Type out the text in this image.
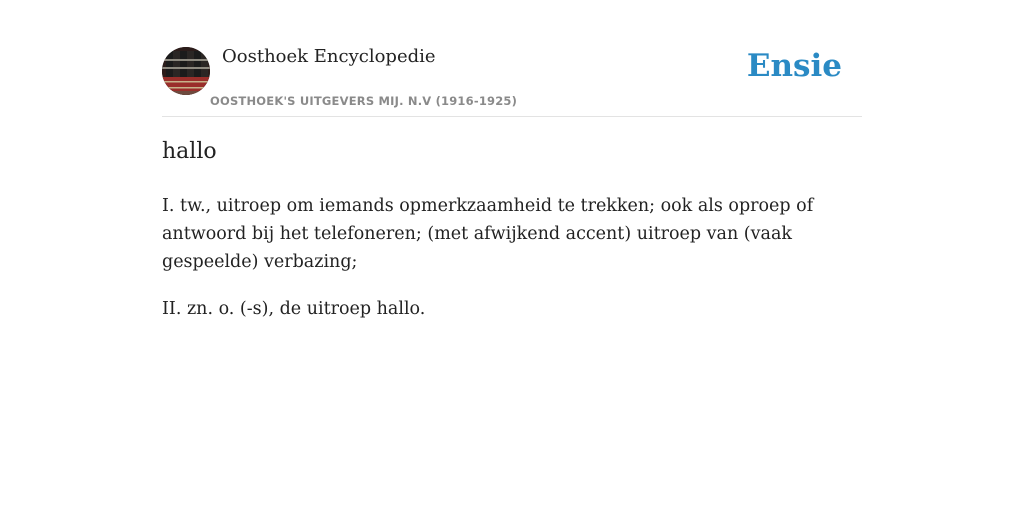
Oosthoek Encyclopedie
OOSTHOEK'S UITGEVERS MIJ. N.V (1916-1925)
Ensie
hallo

I. tw., uitroep om iemands opmerkzaamheid te trekken; ook als oproep of antwoord bij het telefoneren; (met afwijkend accent) uitroep van (vaak gespeelde) verbazing;

II. zn. o. (-s), de uitroep hallo.
